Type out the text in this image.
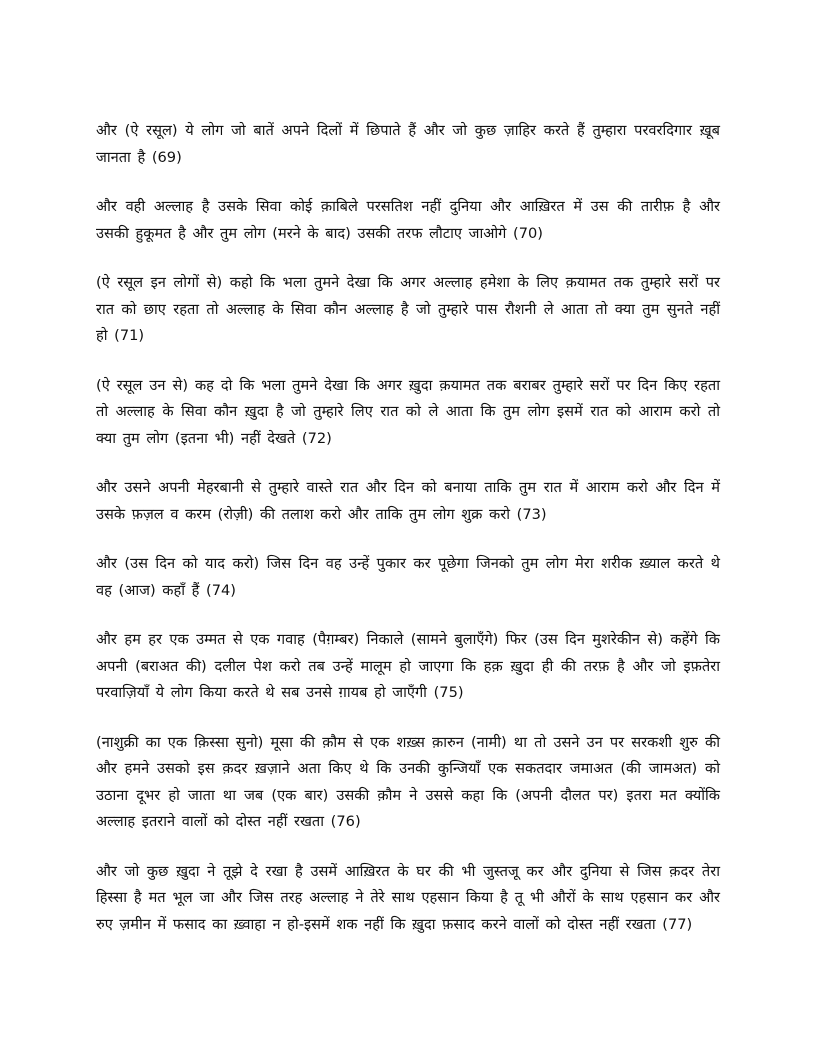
और (ऐ रसूल) ये लोग जो बातें अपने दिलों में छिपाते हैं और जो कुछ ज़ाहिर करते हैं तुम्हारा परवरदिगार ख़ूब जानता है (69)

और वही अल्लाह है उसके सिवा कोई क़ाबिले परसतिश नहीं दुनिया और आख़िरत में उस की तारीफ़ है और उसकी हुकूमत है और तुम लोग (मरने के बाद) उसकी तरफ लौटाए जाओगे (70)

(ऐ रसूल इन लोगों से) कहो कि भला तुमने देखा कि अगर अल्लाह हमेशा के लिए क़यामत तक तुम्हारे सरों पर रात को छाए रहता तो अल्लाह के सिवा कौन अल्लाह है जो तुम्हारे पास रौशनी ले आता तो क्या तुम सुनते नहीं हो (71)

(ऐ रसूल उन से) कह दो कि भला तुमने देखा कि अगर ख़ुदा क़यामत तक बराबर तुम्हारे सरों पर दिन किए रहता तो अल्लाह के सिवा कौन ख़ुदा है जो तुम्हारे लिए रात को ले आता कि तुम लोग इसमें रात को आराम करो तो क्या तुम लोग (इतना भी) नहीं देखते (72)

और उसने अपनी मेहरबानी से तुम्हारे वास्ते रात और दिन को बनाया ताकि तुम रात में आराम करो और दिन में उसके फ़ज़ल व करम (रोज़ी) की तलाश करो और ताकि तुम लोग शुक्र करो (73)

और (उस दिन को याद करो) जिस दिन वह उन्हें पुकार कर पूछेगा जिनको तुम लोग मेरा शरीक ख़्याल करते थे वह (आज) कहाँ हैं (74)

और हम हर एक उम्मत से एक गवाह (पैग़म्बर) निकाले (सामने बुलाएँगे) फिर (उस दिन मुशरेकीन से) कहेंगे कि अपनी (बराअत की) दलील पेश करो तब उन्हें मालूम हो जाएगा कि हक़ ख़ुदा ही की तरफ़ है और जो इफ़तेरा परवाज़ियाँ ये लोग किया करते थे सब उनसे ग़ायब हो जाएँगी (75)

(नाशुक्री का एक क़िस्सा सुनो) मूसा की क़ौम से एक शख़्स क़ारुन (नामी) था तो उसने उन पर सरकशी शुरु की और हमने उसको इस क़दर ख़ज़ाने अता किए थे कि उनकी कुन्जियाँ एक सकतदार जमाअत (की जामअत) को उठाना दूभर हो जाता था जब (एक बार) उसकी क़ौम ने उससे कहा कि (अपनी दौलत पर) इतरा मत क्योंकि अल्लाह इतराने वालों को दोस्त नहीं रखता (76)

और जो कुछ ख़ुदा ने तूझे दे रखा है उसमें आख़िरत के घर की भी जुस्तजू कर और दुनिया से जिस क़दर तेरा हिस्सा है मत भूल जा और जिस तरह अल्लाह ने तेरे साथ एहसान किया है तू भी औरों के साथ एहसान कर और रुए ज़मीन में फसाद का ख़्वाहा न हो-इसमें शक नहीं कि ख़ुदा फ़साद करने वालों को दोस्त नहीं रखता (77)
